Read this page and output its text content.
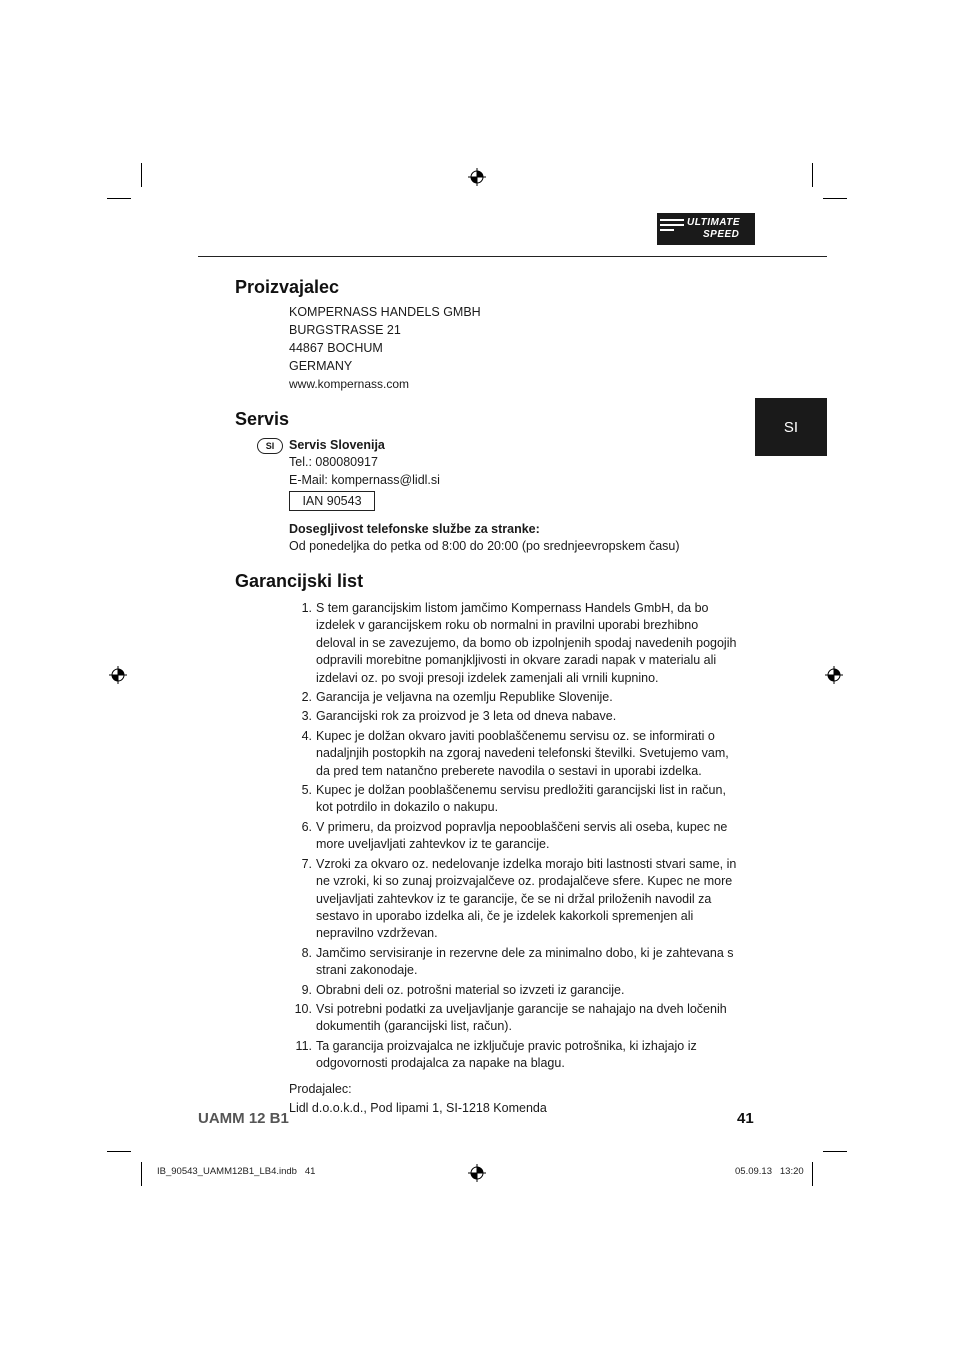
ULTIMATE
SPEED
SI
Proizvajalec
KOMPERNASS HANDELS GMBH
BURGSTRASSE 21
44867 BOCHUM
GERMANY
www.kompernass.com
Servis
SI	Servis Slovenija
Tel.: 080080917
E-Mail: kompernass@lidl.si
IAN 90543
Dosegljivost telefonske službe za stranke:
Od ponedeljka do petka od 8:00 do 20:00 (po srednjeevropskem času)
Garancijski list
1. S tem garancijskim listom jamčimo Kompernass Handels GmbH, da bo izdelek v garancijskem roku ob normalni in pravilni uporabi brezhibno deloval in se zavezujemo, da bomo ob izpolnjenih spodaj navedenih pogojih odpravili morebitne pomanjkljivosti in okvare zaradi napak v materialu ali izdelavi oz. po svoji presoji izdelek zamenjali ali vrnili kupnino.
2. Garancija je veljavna na ozemlju Republike Slovenije.
3. Garancijski rok za proizvod je 3 leta od dneva nabave.
4. Kupec je dolžan okvaro javiti pooblaščenemu servisu oz. se informirati o nadaljnjih postopkih na zgoraj navedeni telefonski številki. Svetujemo vam, da pred tem natančno preberete navodila o sestavi in uporabi izdelka.
5. Kupec je dolžan pooblaščenemu servisu predložiti garancijski list in račun, kot potrdilo in dokazilo o nakupu.
6. V primeru, da proizvod popravlja nepooblaščeni servis ali oseba, kupec ne more uveljavljati zahtevkov iz te garancije.
7. Vzroki za okvaro oz. nedelovanje izdelka morajo biti lastnosti stvari same, in ne vzroki, ki so zunaj proizvajalčeve oz. prodajalčeve sfere. Kupec ne more uveljavljati zahtevkov iz te garancije, če se ni držal priloženih navodil za sestavo in uporabo izdelka ali, če je izdelek kakorkoli spremenjen ali nepravilno vzdrževan.
8. Jamčimo servisiranje in rezervne dele za minimalno dobo, ki je zahtevana s strani zakonodaje.
9. Obrabni deli oz. potrošni material so izvzeti iz garancije.
10. Vsi potrebni podatki za uveljavljanje garancije se nahajajo na dveh ločenih dokumentih (garancijski list, račun).
11. Ta garancija proizvajalca ne izključuje pravic potrošnika, ki izhajajo iz odgovornosti prodajalca za napake na blagu.
Prodajalec:
Lidl d.o.o.k.d., Pod lipami 1, SI-1218 Komenda
UAMM 12 B1	41
IB_90543_UAMM12B1_LB4.indb   41	05.09.13   13:20
